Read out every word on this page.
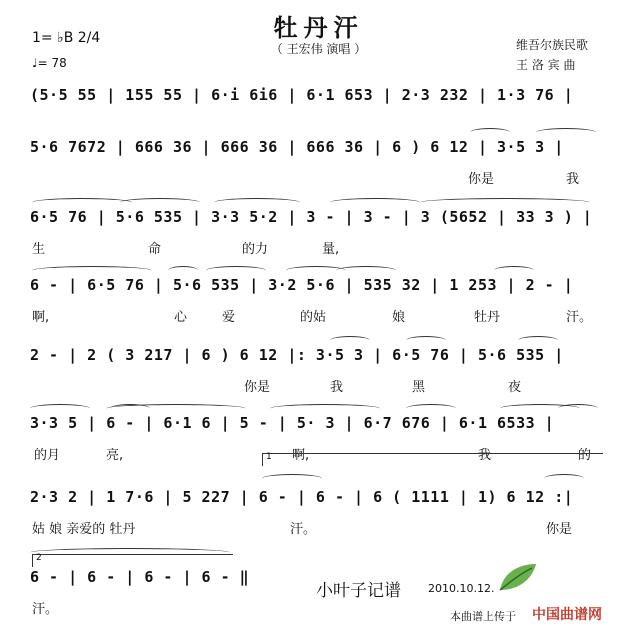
牡丹汗
（ 王宏伟 演唱 ）
1= ♭B 2/4
♩= 78
维吾尔族民歌
王 洛 宾 曲
(5·5 55 | 155 55 | 6·i 6i6 | 6·1 653 | 2·3 232 | 1·3 76 |
5·6 7672 | 666 36 | 666 36 | 666 36 | 6 ) 6 12 | 3·5 3 |
你是	我
6·5 76 | 5·6 535 | 3·3 5·2 | 3 - | 3 - | 3 (5652 | 33 3 ) |
生	命	的力	量,
6 - | 6·5 76 | 5·6 535 | 3·2 5·6 | 535 32 | 1 253 | 2 - |
啊,	心	爱	的姑	娘	牡丹	汗。
2 - | 2 ( 3 217 | 6 ) 6 12 |: 3·5 3 | 6·5 76 | 5·6 535 |
你是	我	黑	夜
3·3 5 | 6 - | 6·1 6 | 5 - | 5· 3 | 6·7 676 | 6·1 6533 |
的月	亮,	啊,	我	的
2·3 2 | 1 7·6 | 5 227 | 6 - | 6 - | 6 ( 1111 | 1) 6 12 :|
姑 娘 亲爱的 牡丹	汗。	你是
6 - | 6 - | 6 - | 6 - ‖
汗。
1
2
小叶子记谱 2010.10.12.
本曲谱上传于 中国曲谱网
